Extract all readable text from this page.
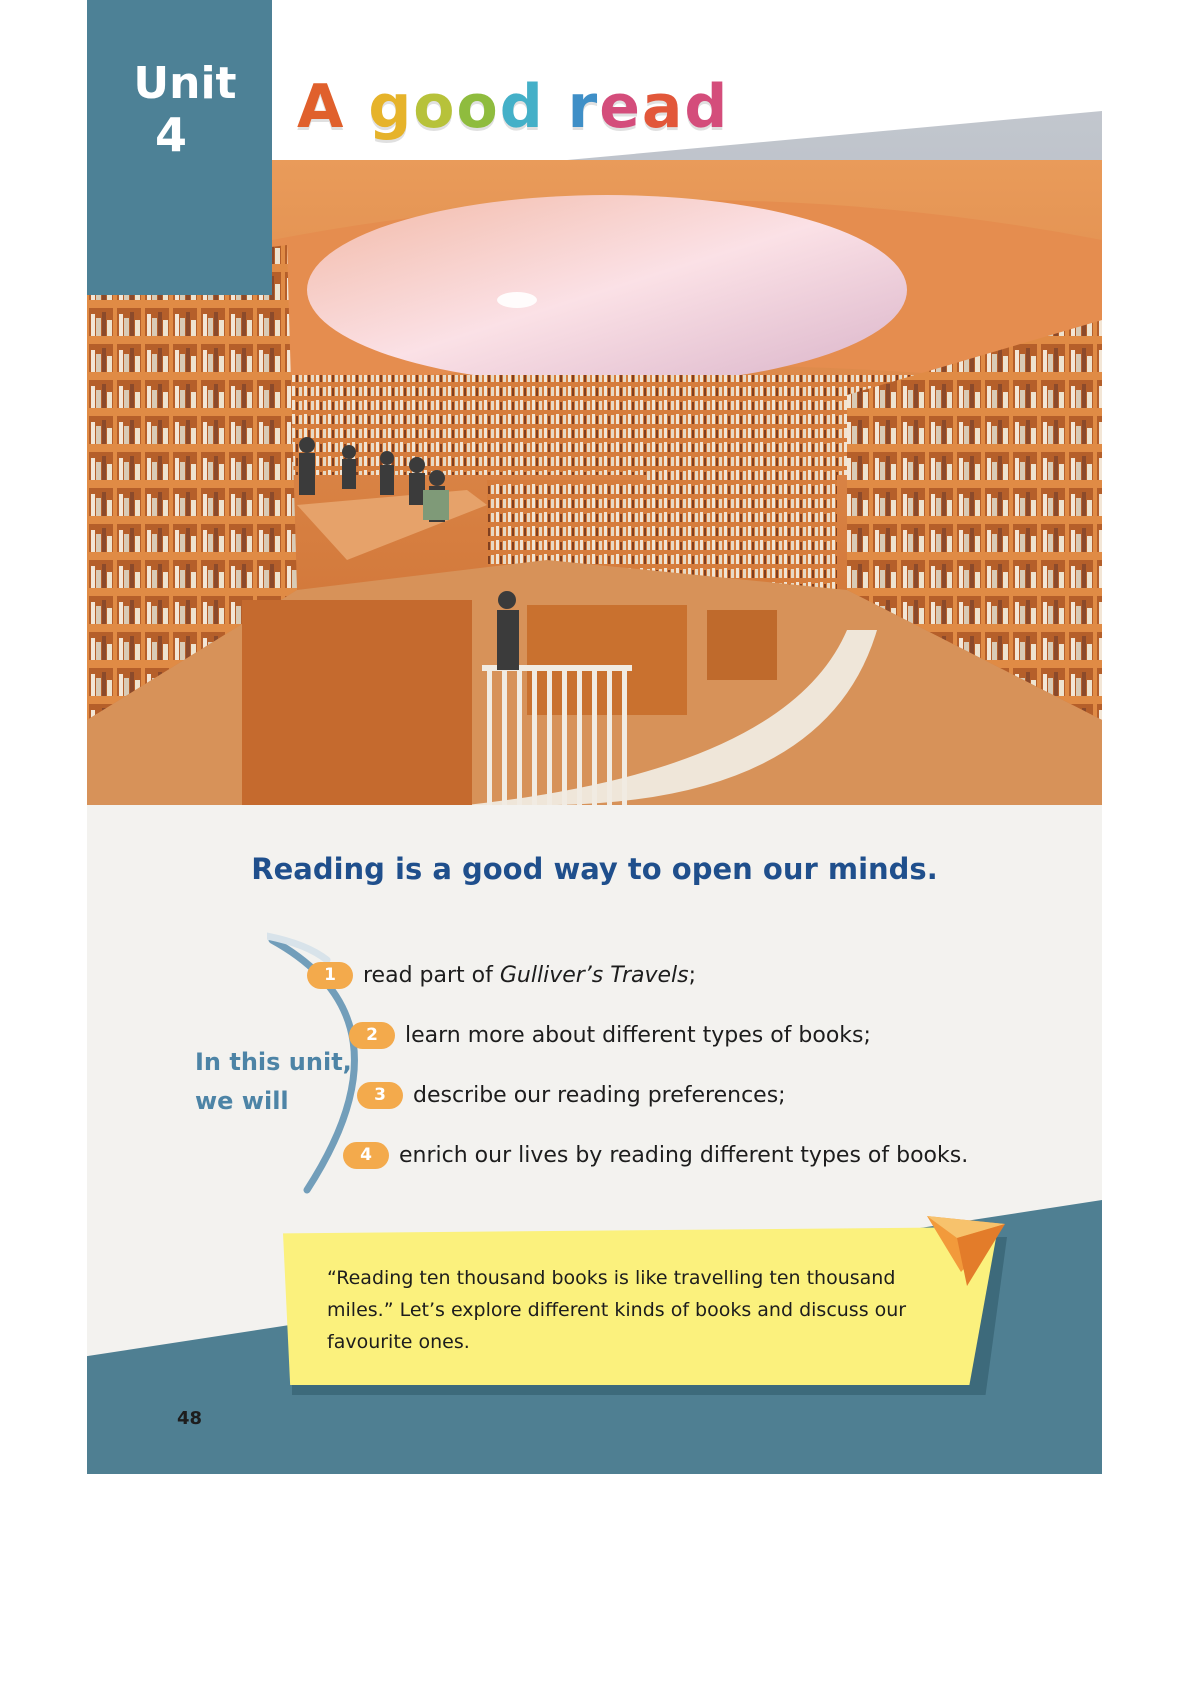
Unit
4	A good read
Reading is a good way to open our minds.
In this unit,
we will
1	read part of Gulliver’s Travels;
2	learn more about different types of books;
3	describe our reading preferences;
4	enrich our lives by reading different types of books.
“Reading ten thousand books is like travelling ten thousand miles.” Let’s explore different kinds of books and discuss our favourite ones.
48
